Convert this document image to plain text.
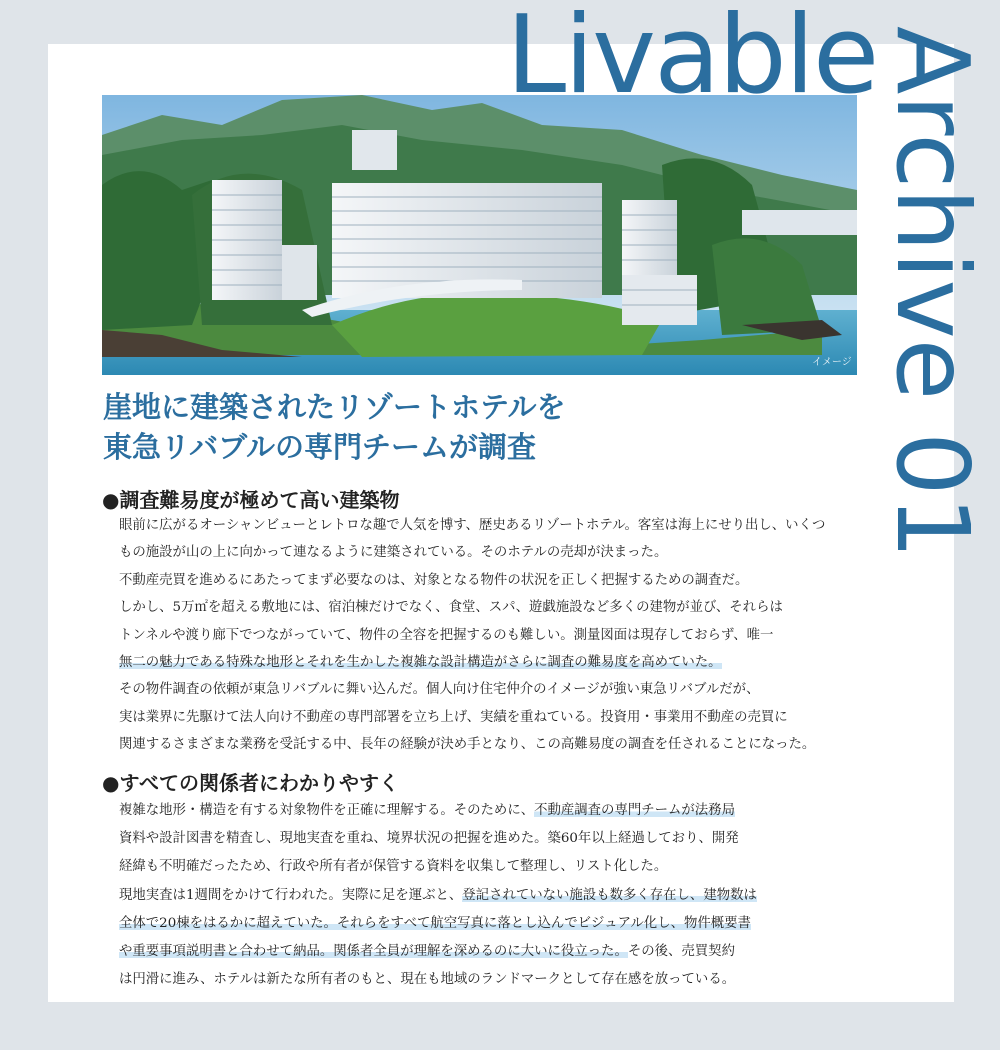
Livable
Archive 01
イメージ
崖地に建築されたリゾートホテルを
東急リバブルの専門チームが調査
●調査難易度が極めて高い建築物
眼前に広がるオーシャンビューとレトロな趣で人気を博す、歴史あるリゾートホテル。客室は海上にせり出し、いくつ
もの施設が山の上に向かって連なるように建築されている。そのホテルの売却が決まった。
不動産売買を進めるにあたってまず必要なのは、対象となる物件の状況を正しく把握するための調査だ。
しかし、5万㎡を超える敷地には、宿泊棟だけでなく、食堂、スパ、遊戯施設など多くの建物が並び、それらは
トンネルや渡り廊下でつながっていて、物件の全容を把握するのも難しい。測量図面は現存しておらず、唯一
無二の魅力である特殊な地形とそれを生かした複雑な設計構造がさらに調査の難易度を高めていた。
その物件調査の依頼が東急リバブルに舞い込んだ。個人向け住宅仲介のイメージが強い東急リバブルだが、
実は業界に先駆けて法人向け不動産の専門部署を立ち上げ、実績を重ねている。投資用・事業用不動産の売買に
関連するさまざまな業務を受託する中、長年の経験が決め手となり、この高難易度の調査を任されることになった。
●すべての関係者にわかりやすく
複雑な地形・構造を有する対象物件を正確に理解する。そのために、不動産調査の専門チームが法務局
資料や設計図書を精査し、現地実査を重ね、境界状況の把握を進めた。築60年以上経過しており、開発
経緯も不明確だったため、行政や所有者が保管する資料を収集して整理し、リスト化した。
現地実査は1週間をかけて行われた。実際に足を運ぶと、登記されていない施設も数多く存在し、建物数は
全体で20棟をはるかに超えていた。それらをすべて航空写真に落とし込んでビジュアル化し、物件概要書
や重要事項説明書と合わせて納品。関係者全員が理解を深めるのに大いに役立った。その後、売買契約
は円滑に進み、ホテルは新たな所有者のもと、現在も地域のランドマークとして存在感を放っている。
